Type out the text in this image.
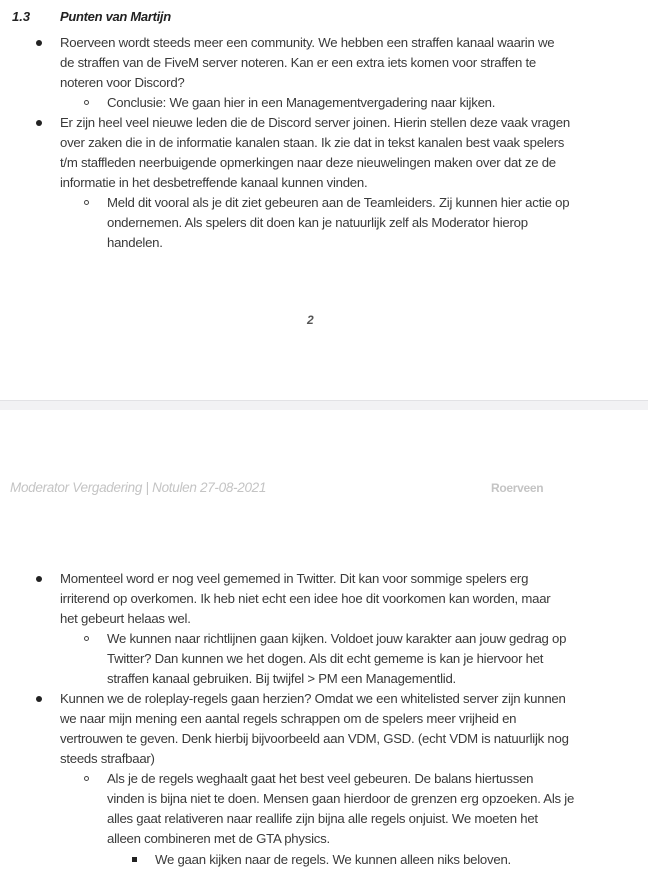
1.3 Punten van Martijn
Roerveen wordt steeds meer een community. We hebben een straffen kanaal waarin we
de straffen van de FiveM server noteren. Kan er een extra iets komen voor straffen te
noteren voor Discord?
Conclusie: We gaan hier in een Managementvergadering naar kijken.
Er zijn heel veel nieuwe leden die de Discord server joinen. Hierin stellen deze vaak vragen
over zaken die in de informatie kanalen staan. Ik zie dat in tekst kanalen best vaak spelers
t/m staffleden neerbuigende opmerkingen naar deze nieuwelingen maken over dat ze de
informatie in het desbetreffende kanaal kunnen vinden.
Meld dit vooral als je dit ziet gebeuren aan de Teamleiders. Zij kunnen hier actie op
ondernemen. Als spelers dit doen kan je natuurlijk zelf als Moderator hierop
handelen.
2
Moderator Vergadering | Notulen 27-08-2021	Roerveen
Momenteel word er nog veel gememed in Twitter. Dit kan voor sommige spelers erg
irriterend op overkomen. Ik heb niet echt een idee hoe dit voorkomen kan worden, maar
het gebeurt helaas wel.
We kunnen naar richtlijnen gaan kijken. Voldoet jouw karakter aan jouw gedrag op
Twitter? Dan kunnen we het dogen. Als dit echt gememe is kan je hiervoor het
straffen kanaal gebruiken. Bij twijfel > PM een Managementlid.
Kunnen we de roleplay-regels gaan herzien? Omdat we een whitelisted server zijn kunnen
we naar mijn mening een aantal regels schrappen om de spelers meer vrijheid en
vertrouwen te geven. Denk hierbij bijvoorbeeld aan VDM, GSD. (echt VDM is natuurlijk nog
steeds strafbaar)
Als je de regels weghaalt gaat het best veel gebeuren. De balans hiertussen
vinden is bijna niet te doen. Mensen gaan hierdoor de grenzen erg opzoeken. Als je
alles gaat relativeren naar reallife zijn bijna alle regels onjuist. We moeten het
alleen combineren met de GTA physics.
We gaan kijken naar de regels. We kunnen alleen niks beloven.
